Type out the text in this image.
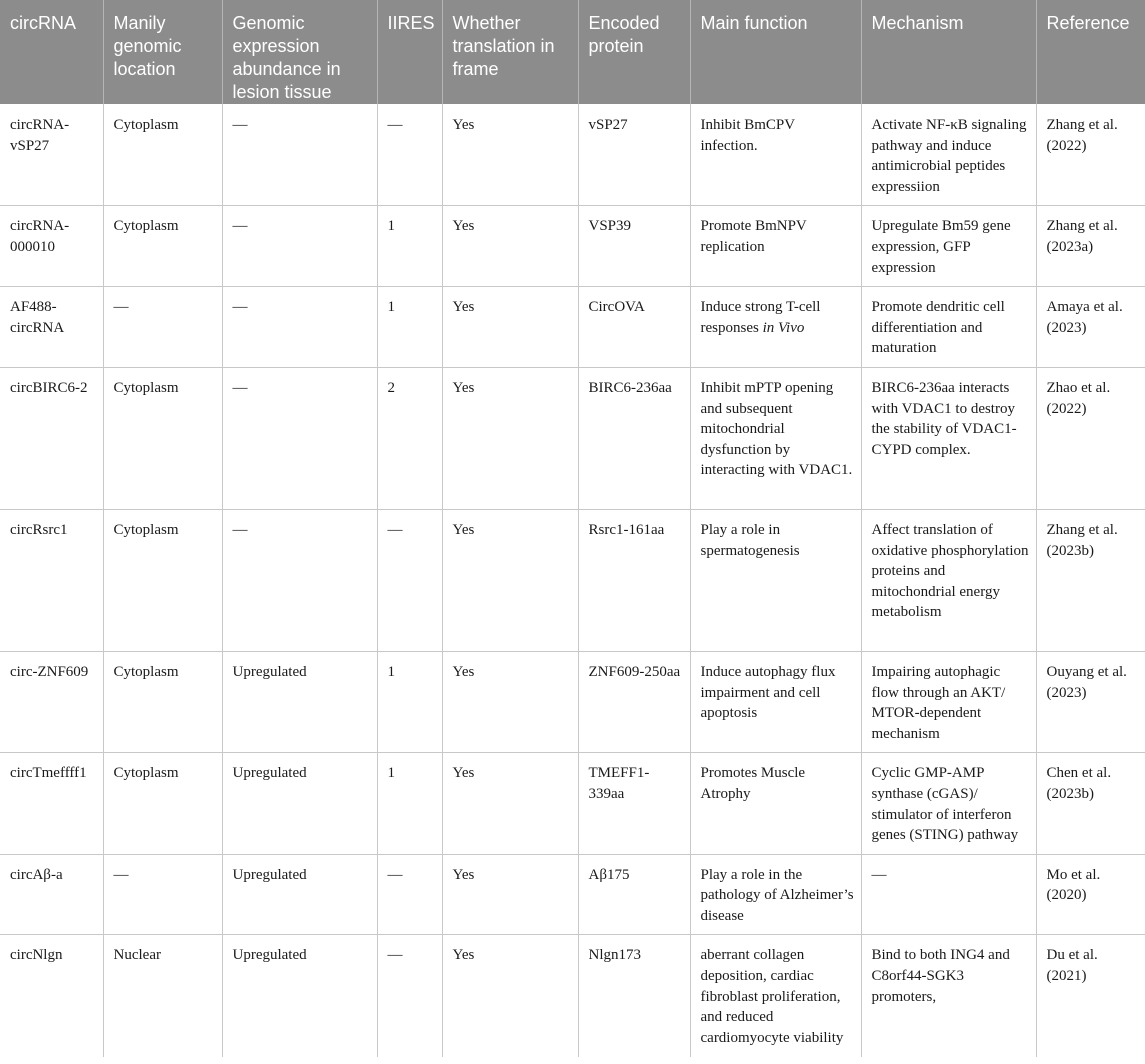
circRNA	Manily genomic location	Genomic expression abundance in lesion tissue	IIRES	Whether translation in frame	Encoded protein	Main function	Mechanism	Reference
circRNA-vSP27	Cytoplasm	—	—	Yes	vSP27	Inhibit BmCPV infection.	Activate NF-κB signaling pathway and induce antimicrobial peptides expressiion	Zhang et al. (2022)
circRNA-000010	Cytoplasm	—	1	Yes	VSP39	Promote BmNPV replication	Upregulate Bm59 gene expression, GFP expression	Zhang et al. (2023a)
AF488-circRNA	—	—	1	Yes	CircOVA	Induce strong T-cell responses in Vivo	Promote dendritic cell differentiation and maturation	Amaya et al. (2023)
circBIRC6-2	Cytoplasm	—	2	Yes	BIRC6-236aa	Inhibit mPTP opening and subsequent mitochondrial dysfunction by interacting with VDAC1.	BIRC6-236aa interacts with VDAC1 to destroy the stability of VDAC1-CYPD complex.	Zhao et al. (2022)
circRsrc1	Cytoplasm	—	—	Yes	Rsrc1-161aa	Play a role in spermatogenesis	Affect translation of oxidative phosphorylation proteins and mitochondrial energy metabolism	Zhang et al. (2023b)
circ-ZNF609	Cytoplasm	Upregulated	1	Yes	ZNF609-250aa	Induce autophagy flux impairment and cell apoptosis	Impairing autophagic flow through an AKT/ MTOR-dependent mechanism	Ouyang et al. (2023)
circTmeffff1	Cytoplasm	Upregulated	1	Yes	TMEFF1-339aa	Promotes Muscle Atrophy	Cyclic GMP-AMP synthase (cGAS)/ stimulator of interferon genes (STING) pathway	Chen et al. (2023b)
circAβ-a	—	Upregulated	—	Yes	Aβ175	Play a role in the pathology of Alzheimer’s disease	—	Mo et al. (2020)
circNlgn	Nuclear	Upregulated	—	Yes	Nlgn173	aberrant collagen deposition, cardiac fibroblast proliferation, and reduced cardiomyocyte viability	Bind to both ING4 and C8orf44-SGK3 promoters,	Du et al. (2021)
